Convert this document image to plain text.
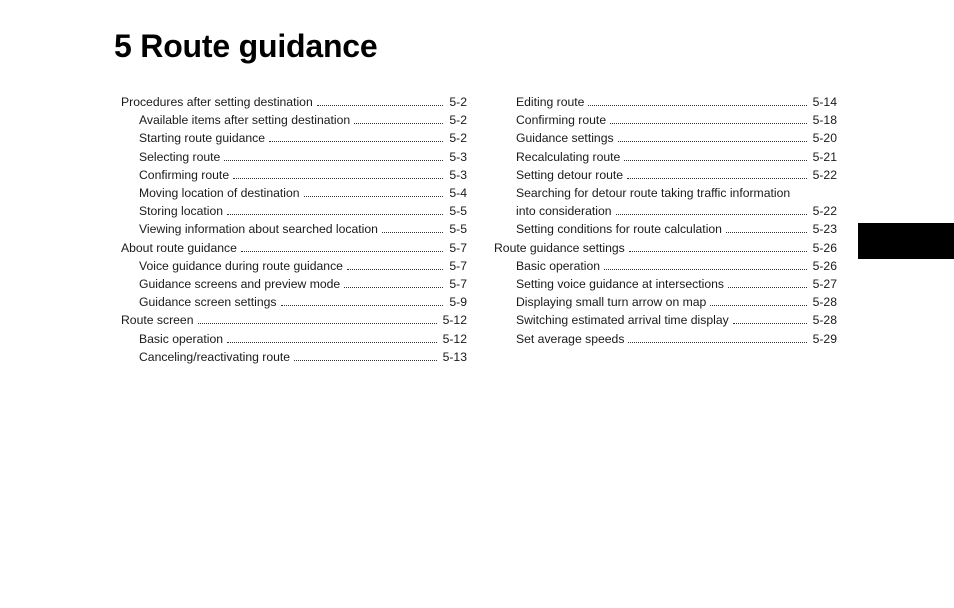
5 Route guidance
Procedures after setting destination	5-2
Available items after setting destination	5-2
Starting route guidance	5-2
Selecting route	5-3
Confirming route	5-3
Moving location of destination	5-4
Storing location	5-5
Viewing information about searched location	5-5
About route guidance	5-7
Voice guidance during route guidance	5-7
Guidance screens and preview mode	5-7
Guidance screen settings	5-9
Route screen	5-12
Basic operation	5-12
Canceling/reactivating route	5-13
Editing route	5-14
Confirming route	5-18
Guidance settings	5-20
Recalculating route	5-21
Setting detour route	5-22
Searching for detour route taking traffic information
into consideration	5-22
Setting conditions for route calculation	5-23
Route guidance settings	5-26
Basic operation	5-26
Setting voice guidance at intersections	5-27
Displaying small turn arrow on map	5-28
Switching estimated arrival time display	5-28
Set average speeds	5-29
